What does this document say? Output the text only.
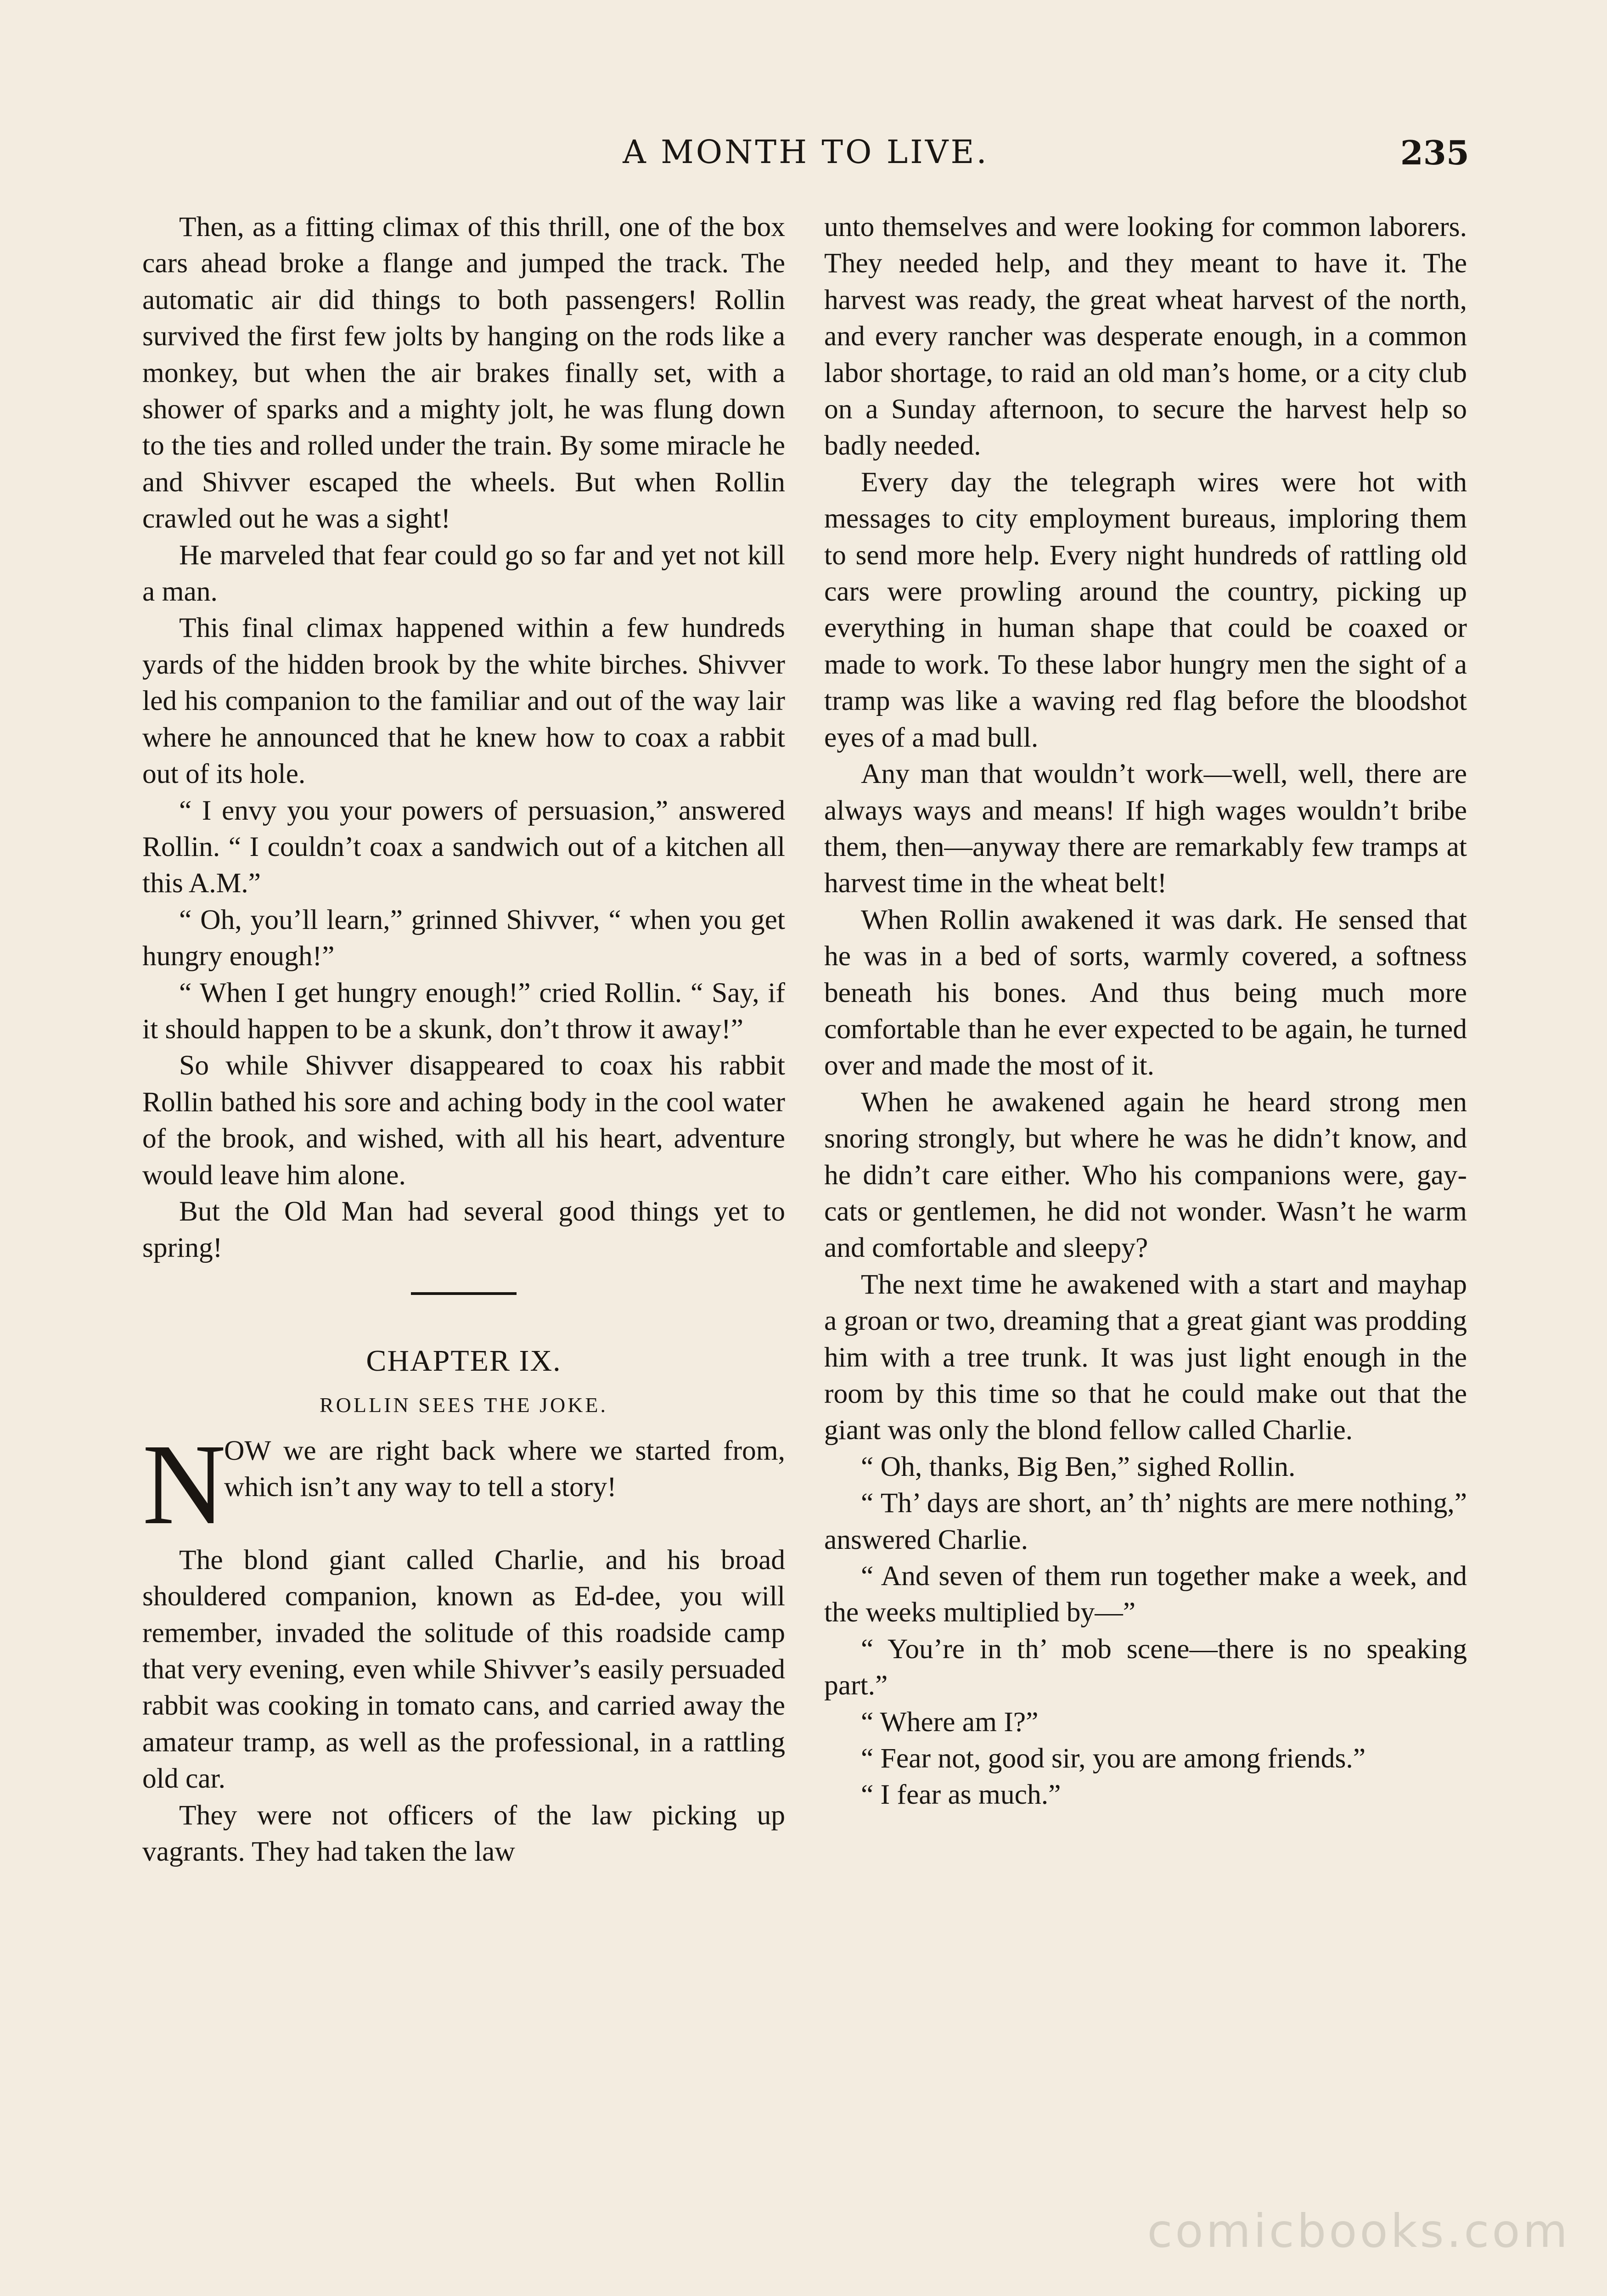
A MONTH TO LIVE.	235

Then, as a fitting climax of this thrill, one of the box cars ahead broke a flange and jumped the track. The automatic air did things to both passengers! Rollin survived the first few jolts by hanging on the rods like a monkey, but when the air brakes finally set, with a shower of sparks and a mighty jolt, he was flung down to the ties and rolled under the train. By some miracle he and Shivver escaped the wheels. But when Rollin crawled out he was a sight!

He marveled that fear could go so far and yet not kill a man.

This final climax happened within a few hundreds yards of the hidden brook by the white birches. Shivver led his companion to the familiar and out of the way lair where he announced that he knew how to coax a rabbit out of its hole.

“ I envy you your powers of persuasion,” answered Rollin. “ I couldn’t coax a sandwich out of a kitchen all this A.M.”

“ Oh, you’ll learn,” grinned Shivver, “ when you get hungry enough!”

“ When I get hungry enough!” cried Rollin. “ Say, if it should happen to be a skunk, don’t throw it away!”

So while Shivver disappeared to coax his rabbit Rollin bathed his sore and aching body in the cool water of the brook, and wished, with all his heart, adventure would leave him alone.

But the Old Man had several good things yet to spring!

CHAPTER IX.
ROLLIN SEES THE JOKE.
N
OW we are right back where we started from, which isn’t any way to tell a story!

The blond giant called Charlie, and his broad shouldered companion, known as Ed-dee, you will remember, invaded the solitude of this roadside camp that very evening, even while Shivver’s easily persuaded rabbit was cooking in tomato cans, and carried away the amateur tramp, as well as the professional, in a rattling old car.

They were not officers of the law picking up vagrants. They had taken the law

unto themselves and were looking for common laborers. They needed help, and they meant to have it. The harvest was ready, the great wheat harvest of the north, and every rancher was desperate enough, in a common labor shortage, to raid an old man’s home, or a city club on a Sunday afternoon, to secure the harvest help so badly needed.

Every day the telegraph wires were hot with messages to city employment bureaus, imploring them to send more help. Every night hundreds of rattling old cars were prowling around the country, picking up everything in human shape that could be coaxed or made to work. To these labor hungry men the sight of a tramp was like a waving red flag before the bloodshot eyes of a mad bull.

Any man that wouldn’t work—well, well, there are always ways and means! If high wages wouldn’t bribe them, then—anyway there are remarkably few tramps at harvest time in the wheat belt!

When Rollin awakened it was dark. He sensed that he was in a bed of sorts, warmly covered, a softness beneath his bones. And thus being much more comfortable than he ever expected to be again, he turned over and made the most of it.

When he awakened again he heard strong men snoring strongly, but where he was he didn’t know, and he didn’t care either. Who his companions were, gay-cats or gentlemen, he did not wonder. Wasn’t he warm and comfortable and sleepy?

The next time he awakened with a start and mayhap a groan or two, dreaming that a great giant was prodding him with a tree trunk. It was just light enough in the room by this time so that he could make out that the giant was only the blond fellow called Charlie.

“ Oh, thanks, Big Ben,” sighed Rollin.

“ Th’ days are short, an’ th’ nights are mere nothing,” answered Charlie.

“ And seven of them run together make a week, and the weeks multiplied by—”

“ You’re in th’ mob scene—there is no speaking part.”

“ Where am I?”

“ Fear not, good sir, you are among friends.”

“ I fear as much.”

comicbooks.com
